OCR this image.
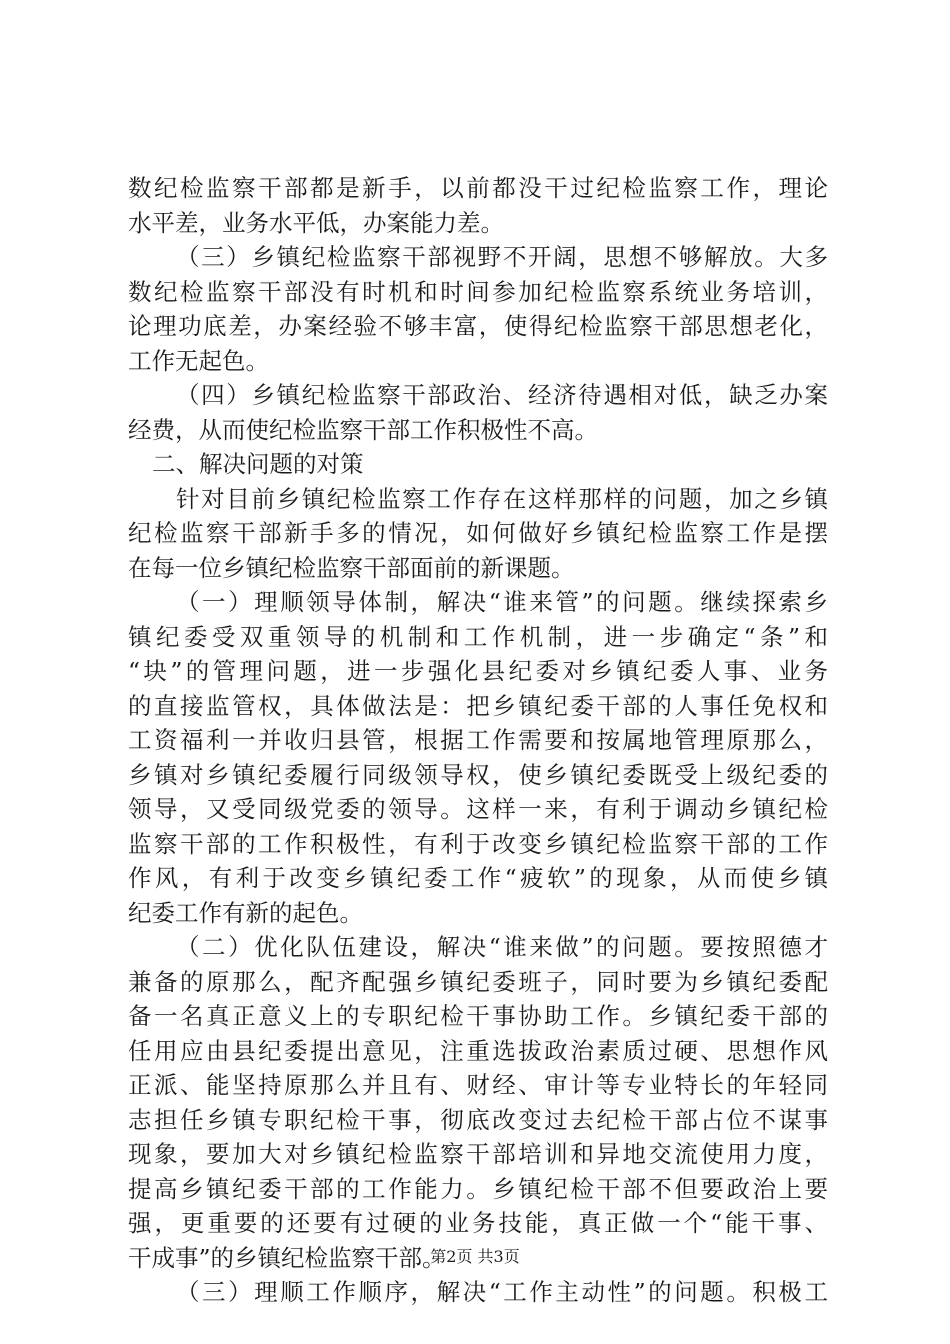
数纪检监察干部都是新手，以前都没干过纪检监察工作，理论
水平差，业务水平低，办案能力差。
（三）乡镇纪检监察干部视野不开阔，思想不够解放。大多
数纪检监察干部没有时机和时间参加纪检监察系统业务培训，
论理功底差，办案经验不够丰富，使得纪检监察干部思想老化，
工作无起色。
（四）乡镇纪检监察干部政治、经济待遇相对低，缺乏办案
经费，从而使纪检监察干部工作积极性不高。
二、解决问题的对策
针对目前乡镇纪检监察工作存在这样那样的问题，加之乡镇
纪检监察干部新手多的情况，如何做好乡镇纪检监察工作是摆
在每一位乡镇纪检监察干部面前的新课题。
（一）理顺领导体制，解决“谁来管”的问题。继续探索乡
镇纪委受双重领导的机制和工作机制，进一步确定“条”和
“块”的管理问题，进一步强化县纪委对乡镇纪委人事、业务
的直接监管权，具体做法是：把乡镇纪委干部的人事任免权和
工资福利一并收归县管，根据工作需要和按属地管理原那么，
乡镇对乡镇纪委履行同级领导权，使乡镇纪委既受上级纪委的
领导，又受同级党委的领导。这样一来，有利于调动乡镇纪检
监察干部的工作积极性，有利于改变乡镇纪检监察干部的工作
作风，有利于改变乡镇纪委工作“疲软”的现象，从而使乡镇
纪委工作有新的起色。
（二）优化队伍建设，解决“谁来做”的问题。要按照德才
兼备的原那么，配齐配强乡镇纪委班子，同时要为乡镇纪委配
备一名真正意义上的专职纪检干事协助工作。乡镇纪委干部的
任用应由县纪委提出意见，注重选拔政治素质过硬、思想作风
正派、能坚持原那么并且有、财经、审计等专业特长的年轻同
志担任乡镇专职纪检干事，彻底改变过去纪检干部占位不谋事
现象，要加大对乡镇纪检监察干部培训和异地交流使用力度，
提高乡镇纪委干部的工作能力。乡镇纪检干部不但要政治上要
强，更重要的还要有过硬的业务技能，真正做一个“能干事、
干成事”的乡镇纪检监察干部。
（三）理顺工作顺序，解决“工作主动性”的问题。积极工
第2页 共3页
